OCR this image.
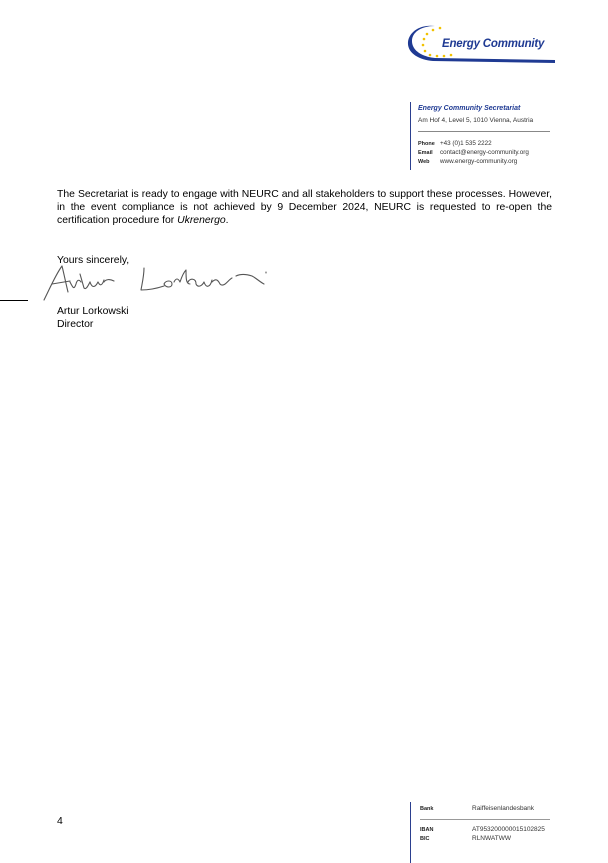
Energy Community
Energy Community Secretariat
Am Hof 4, Level 5, 1010 Vienna, Austria
Phone +43 (0)1 535 2222
Email contact@energy-community.org
Web www.energy-community.org

The Secretariat is ready to engage with NEURC and all stakeholders to support these processes. However, in the event compliance is not achieved by 9 December 2024, NEURC is requested to re-open the certification procedure for Ukrenergo.

Yours sincerely,
Artur Lorkowski
Director
4
Bank	Raiffeisenlandesbank
IBAN	AT953200000015102825
BIC	RLNWATWW
